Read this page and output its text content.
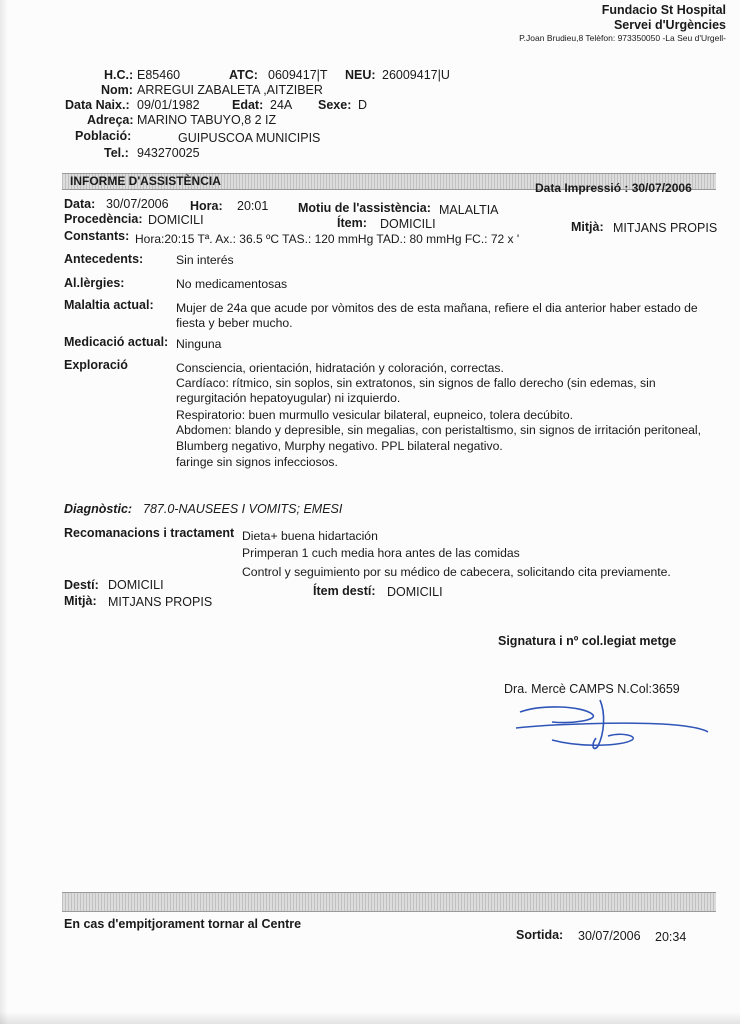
Fundacio St Hospital
Servei d'Urgències
P.Joan Brudieu,8 Telèfon: 973350050 -La Seu d'Urgell-
H.C.: E85460	ATC: 0609417|T NEU: 26009417|U
Nom: ARREGUI ZABALETA ,AITZIBER
Data Naix.: 09/01/1982	Edat: 24A Sexe: D
Adreça: MARINO TABUYO,8 2 IZ
Població:	GUIPUSCOA MUNICIPIS
Tel.: 943270025
INFORME D'ASSISTÈNCIA	Data Impressió : 30/07/2006
Data: 30/07/2006 Hora: 20:01 Motiu de l'assistència: MALALTIA
Procedència: DOMICILI	Ítem: DOMICILI	Mitjà: MITJANS PROPIS
Constants: Hora:20:15 Tª. Ax.: 36.5 ºC TAS.: 120 mmHg TAD.: 80 mmHg FC.: 72 x '
Antecedents:	Sin interés
Al.lèrgies:	No medicamentosas
Malaltia actual: Mujer de 24a que acude por vòmitos des de esta mañana, refiere el dia anterior haber estado de
fiesta y beber mucho.
Medicació actual: Ninguna
Exploració	Consciencia, orientación, hidratación y coloración, correctas.
Cardíaco: rítmico, sin soplos, sin extratonos, sin signos de fallo derecho (sin edemas, sin
regurgitación hepatoyugular) ni izquierdo.
Respiratorio: buen murmullo vesicular bilateral, eupneico, tolera decúbito.
Abdomen: blando y depresible, sin megalias, con peristaltismo, sin signos de irritación peritoneal,
Blumberg negativo, Murphy negativo. PPL bilateral negativo.
faringe sin signos infecciosos.
Diagnòstic: 787.0-NAUSEES I VOMITS; EMESI
Recomanacions i tractament Dieta+ buena hidartación
Primperan 1 cuch media hora antes de las comidas
Control y seguimiento por su médico de cabecera, solicitando cita previamente.
Destí: DOMICILI
Mitjà: MITJANS PROPIS
Ítem destí: DOMICILI
Signatura i nº col.legiat metge
Dra. Mercè CAMPS N.Col:3659
En cas d'empitjorament tornar al Centre
Sortida: 30/07/2006 20:34
